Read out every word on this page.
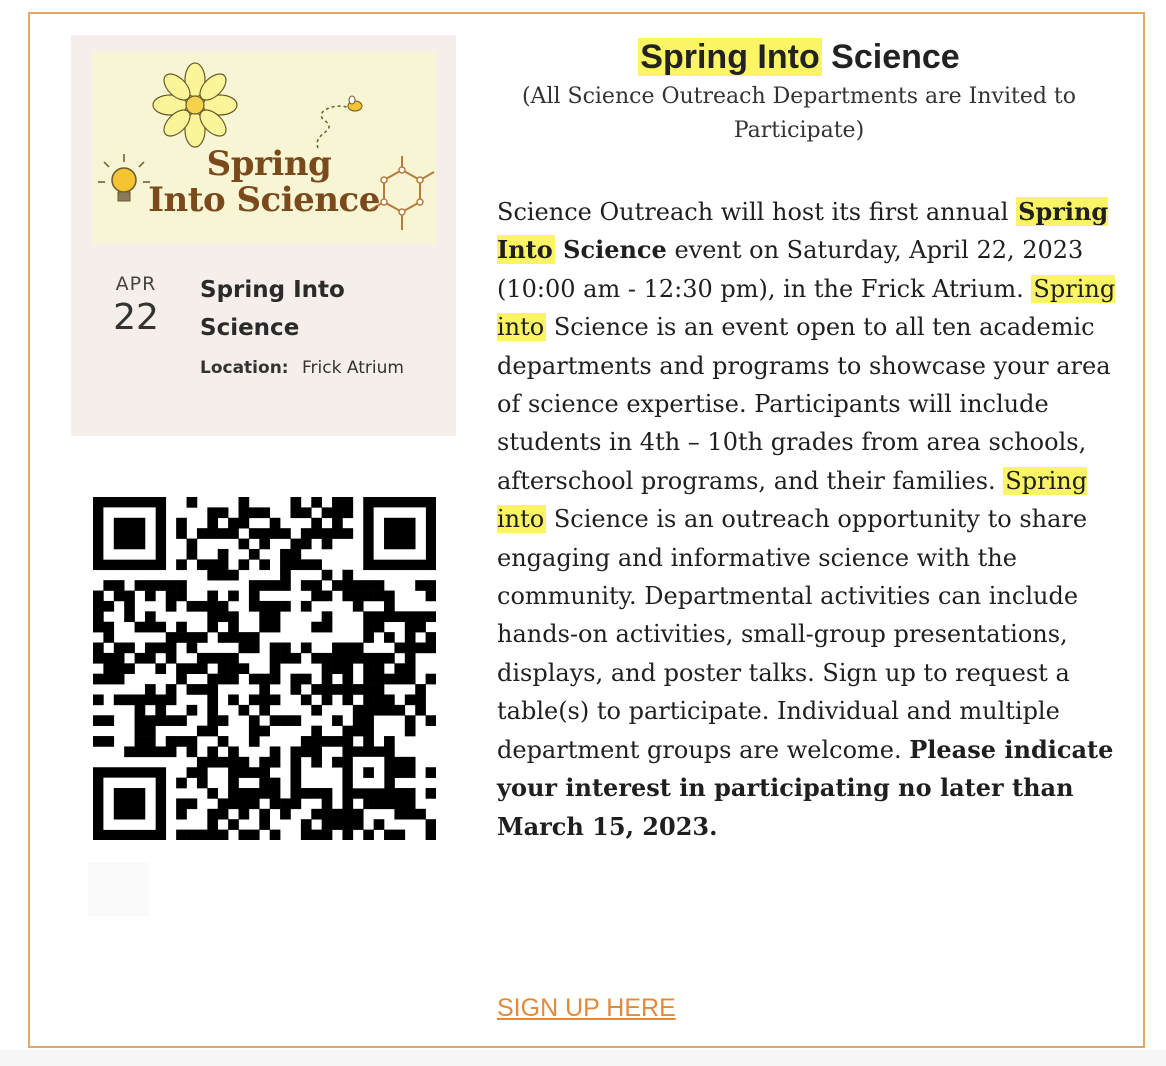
Spring
Into Science
APR
22
Spring Into Science
Location: Frick Atrium
Spring Into Science
(All Science Outreach Departments are Invited to Participate)
Science Outreach will host its first annual Spring Into Science event on Saturday, April 22, 2023 (10:00 am - 12:30 pm), in the Frick Atrium. Spring into Science is an event open to all ten academic departments and programs to showcase your area of science expertise. Participants will include students in 4th – 10th grades from area schools, afterschool programs, and their families. Spring into Science is an outreach opportunity to share engaging and informative science with the community. Departmental activities can include hands-on activities, small-group presentations, displays, and poster talks. Sign up to request a table(s) to participate. Individual and multiple department groups are welcome. Please indicate your interest in participating no later than March 15, 2023.
SIGN UP HERE
